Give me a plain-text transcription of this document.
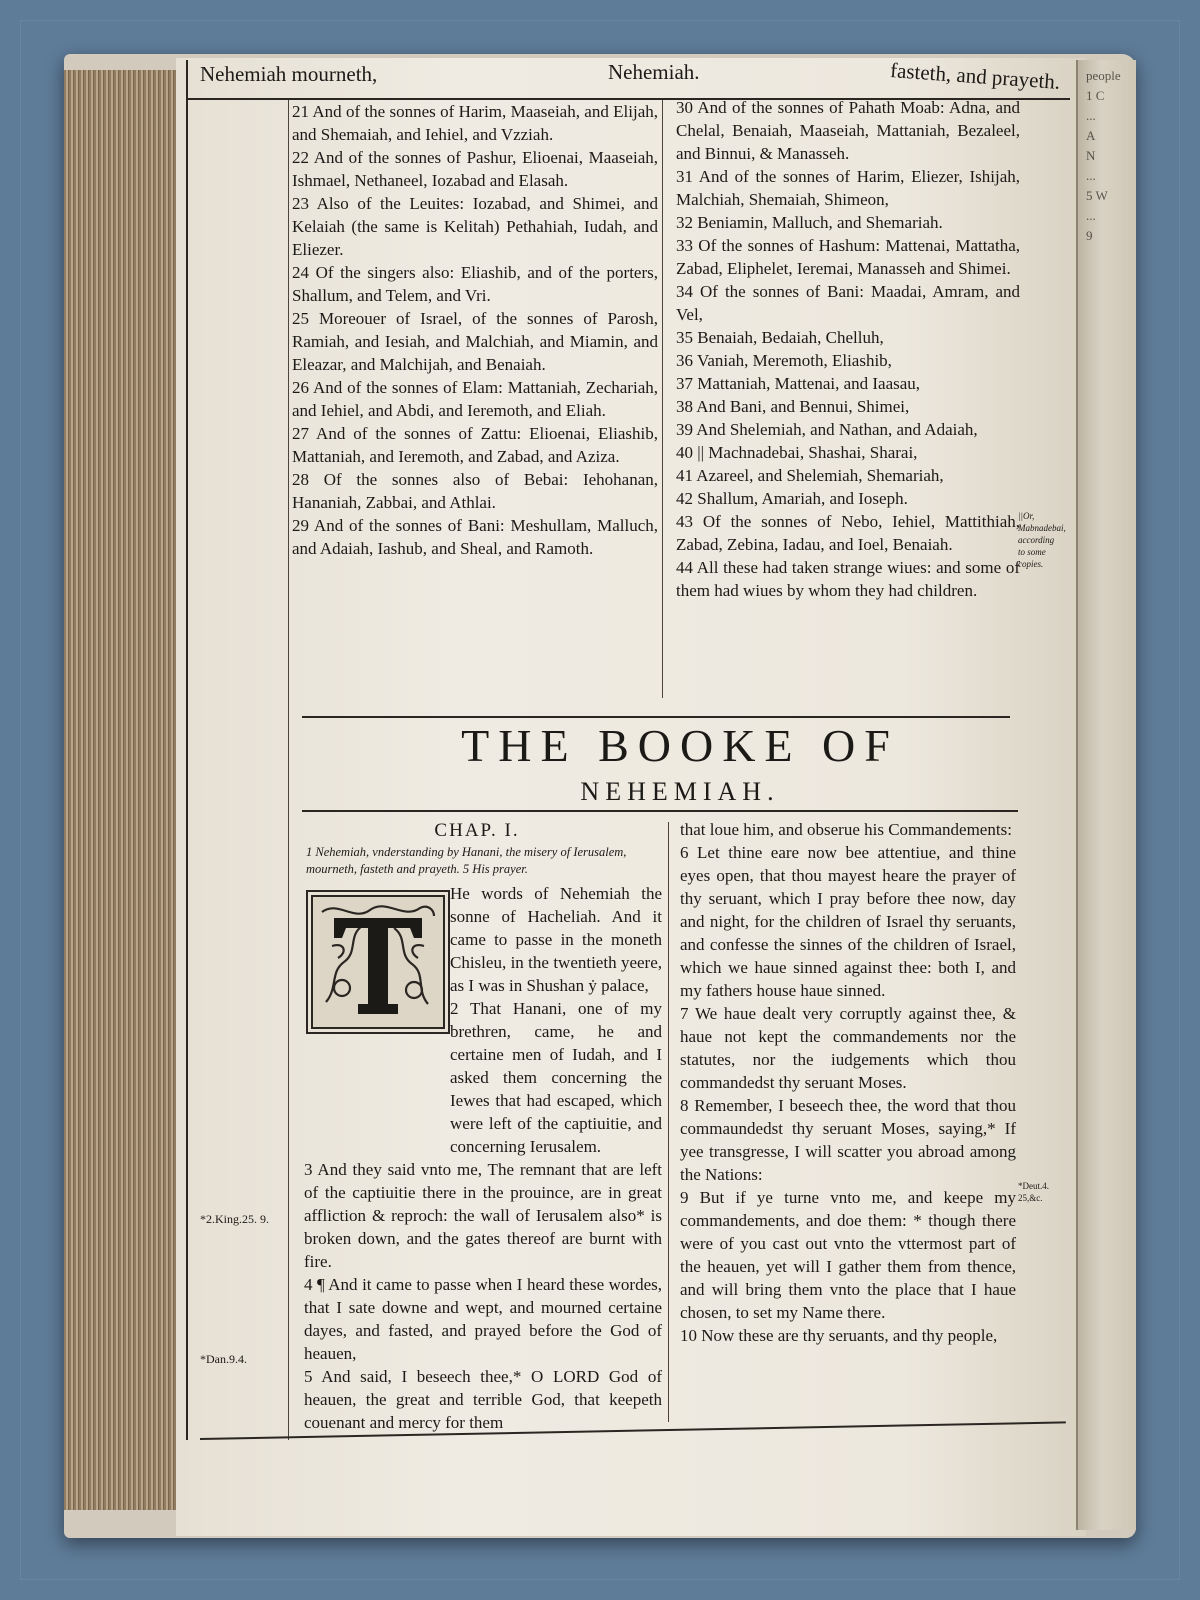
people
1 C
...
A
N
...
5 W
...
9
Nehemiah mourneth,	Nehemiah.	fasteth, and prayeth.

21 And of the sonnes of Harim, Maaseiah, and Elijah, and Shemaiah, and Iehiel, and Vzziah.

22 And of the sonnes of Pashur, Elioenai, Maaseiah, Ishmael, Nethaneel, Iozabad and Elasah.

23 Also of the Leuites: Iozabad, and Shimei, and Kelaiah (the same is Kelitah) Pethahiah, Iudah, and Eliezer.

24 Of the singers also: Eliashib, and of the porters, Shallum, and Telem, and Vri.

25 Moreouer of Israel, of the sonnes of Parosh, Ramiah, and Iesiah, and Malchiah, and Miamin, and Eleazar, and Malchijah, and Benaiah.

26 And of the sonnes of Elam: Mattaniah, Zechariah, and Iehiel, and Abdi, and Ieremoth, and Eliah.

27 And of the sonnes of Zattu: Elioenai, Eliashib, Mattaniah, and Ieremoth, and Zabad, and Aziza.

28 Of the sonnes also of Bebai: Iehohanan, Hananiah, Zabbai, and Athlai.

29 And of the sonnes of Bani: Meshullam, Malluch, and Adaiah, Iashub, and Sheal, and Ramoth.

30 And of the sonnes of Pahath Moab: Adna, and Chelal, Benaiah, Maaseiah, Mattaniah, Bezaleel, and Binnui, & Manasseh.

31 And of the sonnes of Harim, Eliezer, Ishijah, Malchiah, Shemaiah, Shimeon,

32 Beniamin, Malluch, and Shemariah.

33 Of the sonnes of Hashum: Mattenai, Mattatha, Zabad, Eliphelet, Ieremai, Manasseh and Shimei.

34 Of the sonnes of Bani: Maadai, Amram, and Vel,

35 Benaiah, Bedaiah, Chelluh,

36 Vaniah, Meremoth, Eliashib,

37 Mattaniah, Mattenai, and Iaasau,

38 And Bani, and Bennui, Shimei,

39 And Shelemiah, and Nathan, and Adaiah,

40 || Machnadebai, Shashai, Sharai,

41 Azareel, and Shelemiah, Shemariah,

42 Shallum, Amariah, and Ioseph.

43 Of the sonnes of Nebo, Iehiel, Mattithiah, Zabad, Zebina, Iadau, and Ioel, Benaiah.

44 All these had taken strange wiues: and some of them had wiues by whom they had children.

THE BOOKE OF
NEHEMIAH.
CHAP. I.
1 Nehemiah, vnderstanding by Hanani, the misery of Ierusalem, mourneth, fasteth and prayeth. 5 His prayer.

He words of Nehemiah the sonne of Hacheliah. And it came to passe in the moneth Chisleu, in the twentieth yeere, as I was in Shushan ẏ palace,

2 That Hanani, one of my brethren, came, he and certaine men of Iudah, and I asked them concerning the Iewes that had escaped, which were left of the captiuitie, and concerning Ierusalem.

3 And they said vnto me, The remnant that are left of the captiuitie there in the prouince, are in great affliction & reproch: the wall of Ierusalem also* is broken down, and the gates thereof are burnt with fire.

4 ¶ And it came to passe when I heard these wordes, that I sate downe and wept, and mourned certaine dayes, and fasted, and prayed before the God of heauen,

5 And said, I beseech thee,* O LORD God of heauen, the great and terrible God, that keepeth couenant and mercy for them

that loue him, and obserue his Commandements:

6 Let thine eare now bee attentiue, and thine eyes open, that thou mayest heare the prayer of thy seruant, which I pray before thee now, day and night, for the children of Israel thy seruants, and confesse the sinnes of the children of Israel, which we haue sinned against thee: both I, and my fathers house haue sinned.

7 We haue dealt very corruptly against thee, & haue not kept the commandements nor the statutes, nor the iudgements which thou commandedst thy seruant Moses.

8 Remember, I beseech thee, the word that thou commaundedst thy seruant Moses, saying,* If yee transgresse, I will scatter you abroad among the Nations:

9 But if ye turne vnto me, and keepe my commandements, and doe them: * though there were of you cast out vnto the vttermost part of the heauen, yet will I gather them from thence, and will bring them vnto the place that I haue chosen, to set my Name there.

10 Now these are thy seruants, and thy people,

*2.King.25. 9.
*Dan.9.4.
||Or, Mabnadebai, according to some copies.
*Deut.4. 25,&c.
